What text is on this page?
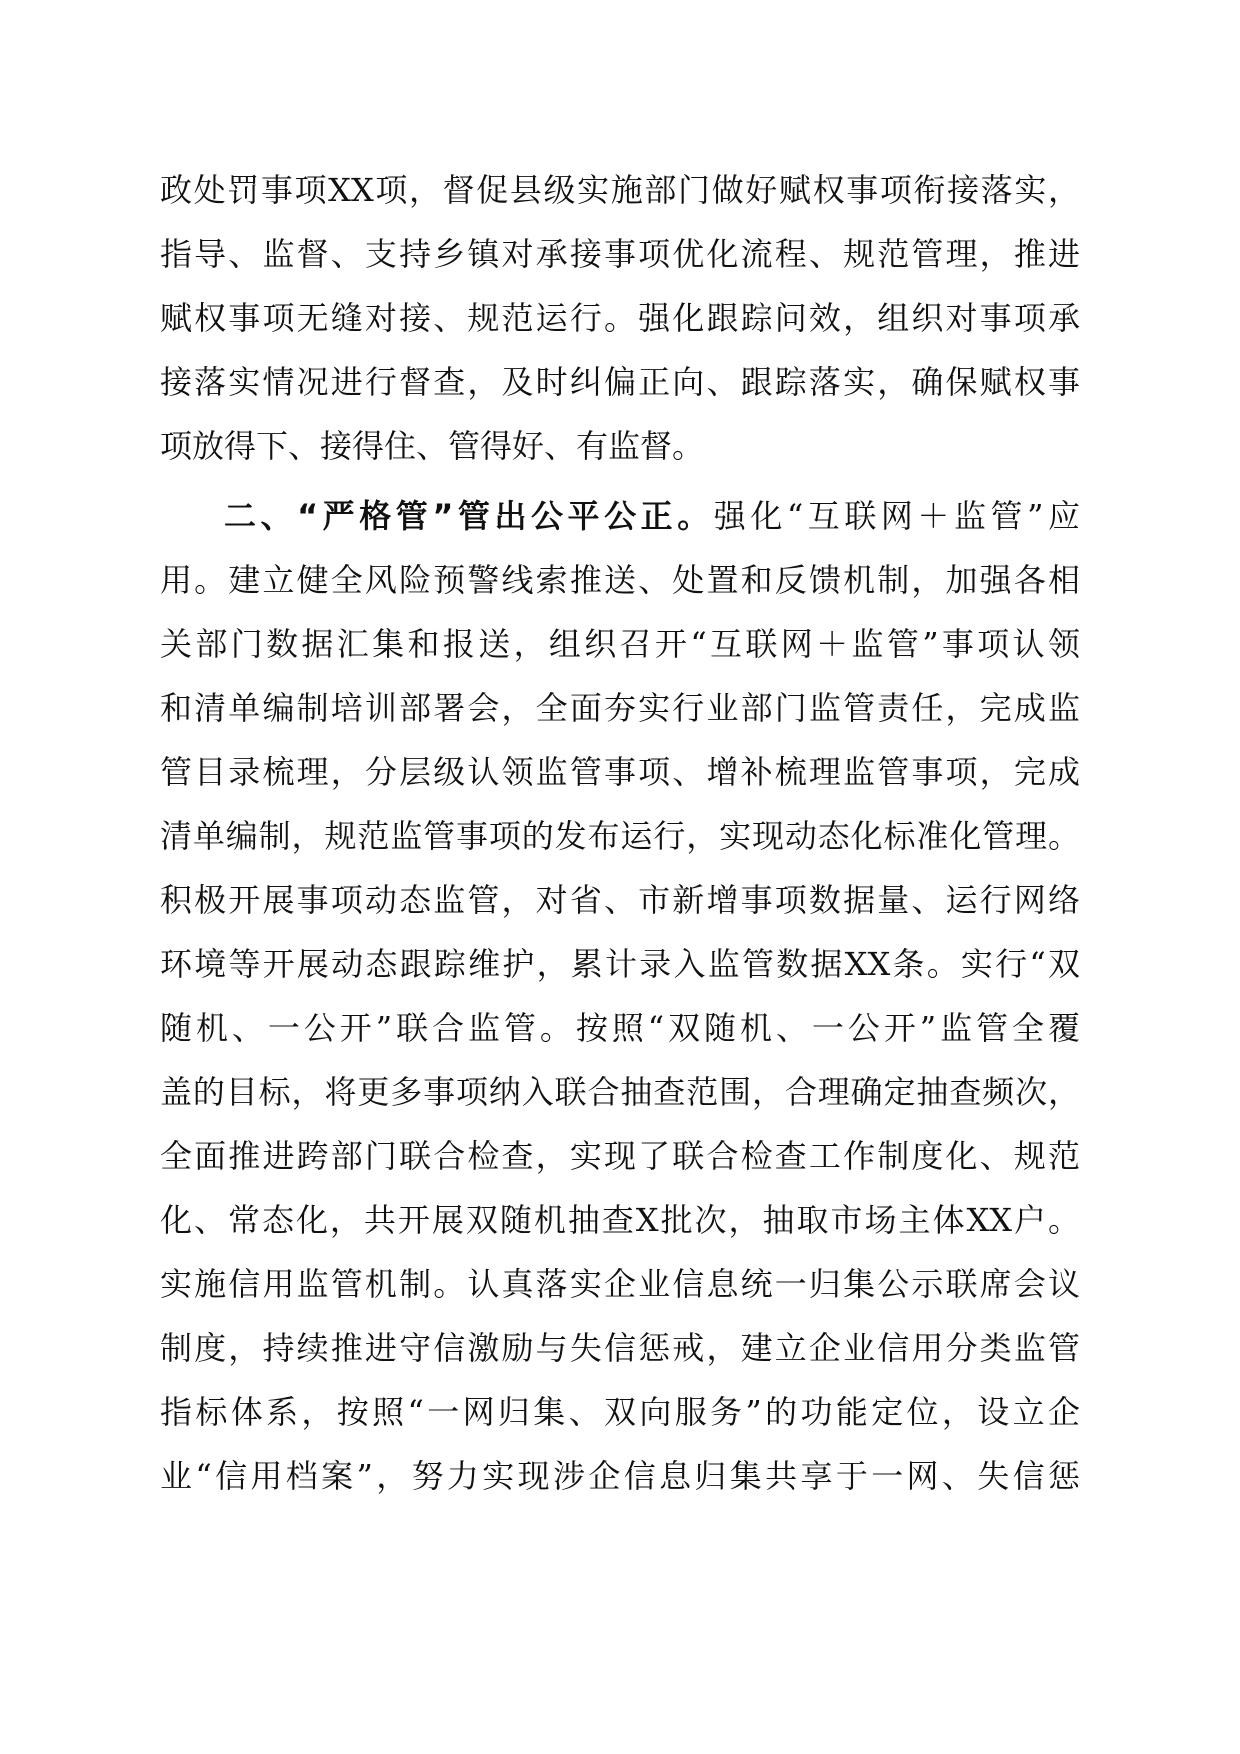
政处罚事项XX项，督促县级实施部门做好赋权事项衔接落实，
指导、监督、支持乡镇对承接事项优化流程、规范管理，推进
赋权事项无缝对接、规范运行。强化跟踪问效，组织对事项承
接落实情况进行督查，及时纠偏正向、跟踪落实，确保赋权事
项放得下、接得住、管得好、有监督。
二、“严格管”管出公平公正。强化“互联网＋监管”应
用。建立健全风险预警线索推送、处置和反馈机制，加强各相
关部门数据汇集和报送，组织召开“互联网＋监管”事项认领
和清单编制培训部署会，全面夯实行业部门监管责任，完成监
管目录梳理，分层级认领监管事项、增补梳理监管事项，完成
清单编制，规范监管事项的发布运行，实现动态化标准化管理。
积极开展事项动态监管，对省、市新增事项数据量、运行网络
环境等开展动态跟踪维护，累计录入监管数据XX条。实行“双
随机、一公开”联合监管。按照“双随机、一公开”监管全覆
盖的目标，将更多事项纳入联合抽查范围，合理确定抽查频次，
全面推进跨部门联合检查，实现了联合检查工作制度化、规范
化、常态化，共开展双随机抽查X批次，抽取市场主体XX户。
实施信用监管机制。认真落实企业信息统一归集公示联席会议
制度，持续推进守信激励与失信惩戒，建立企业信用分类监管
指标体系，按照“一网归集、双向服务”的功能定位，设立企
业“信用档案”，努力实现涉企信息归集共享于一网、失信惩
